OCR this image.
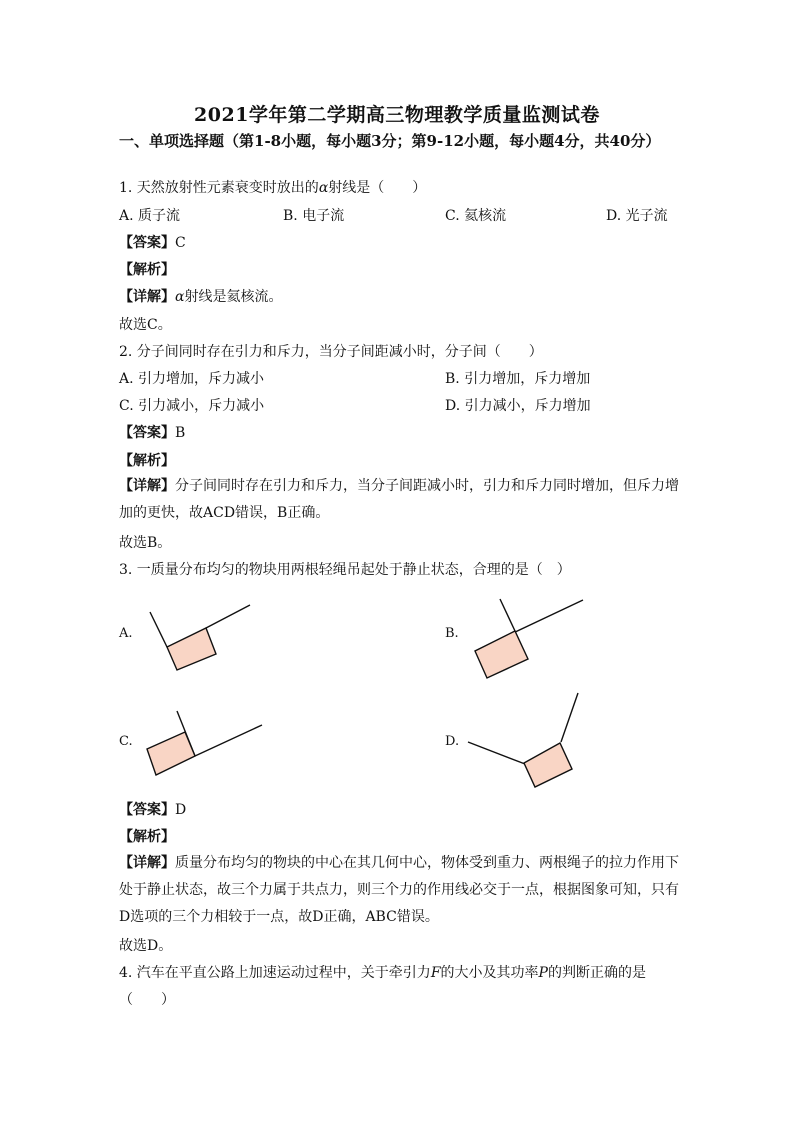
2021学年第二学期高三物理教学质量监测试卷
一、单项选择题（第1-8小题，每小题3分；第9-12小题，每小题4分，共40分）
1. 天然放射性元素衰变时放出的α射线是（　　）
A. 质子流	B. 电子流	C. 氦核流	D. 光子流
【答案】C
【解析】
【详解】α射线是氦核流。
故选C。
2. 分子间同时存在引力和斥力，当分子间距减小时，分子间（　　）
A. 引力增加，斥力减小	B. 引力增加，斥力增加
C. 引力减小，斥力减小	D. 引力减小，斥力增加
【答案】B
【解析】
【详解】分子间同时存在引力和斥力，当分子间距减小时，引力和斥力同时增加，但斥力增加的更快，故ACD错误，B正确。
故选B。
3. 一质量分布均匀的物块用两根轻绳吊起处于静止状态，合理的是（　）
A.	B.
C.	D.
【答案】D
【解析】
【详解】质量分布均匀的物块的中心在其几何中心，物体受到重力、两根绳子的拉力作用下处于静止状态，故三个力属于共点力，则三个力的作用线必交于一点，根据图象可知，只有D选项的三个力相较于一点，故D正确，ABC错误。
故选D。
4. 汽车在平直公路上加速运动过程中，关于牵引力F的大小及其功率P的判断正确的是
（　　）
